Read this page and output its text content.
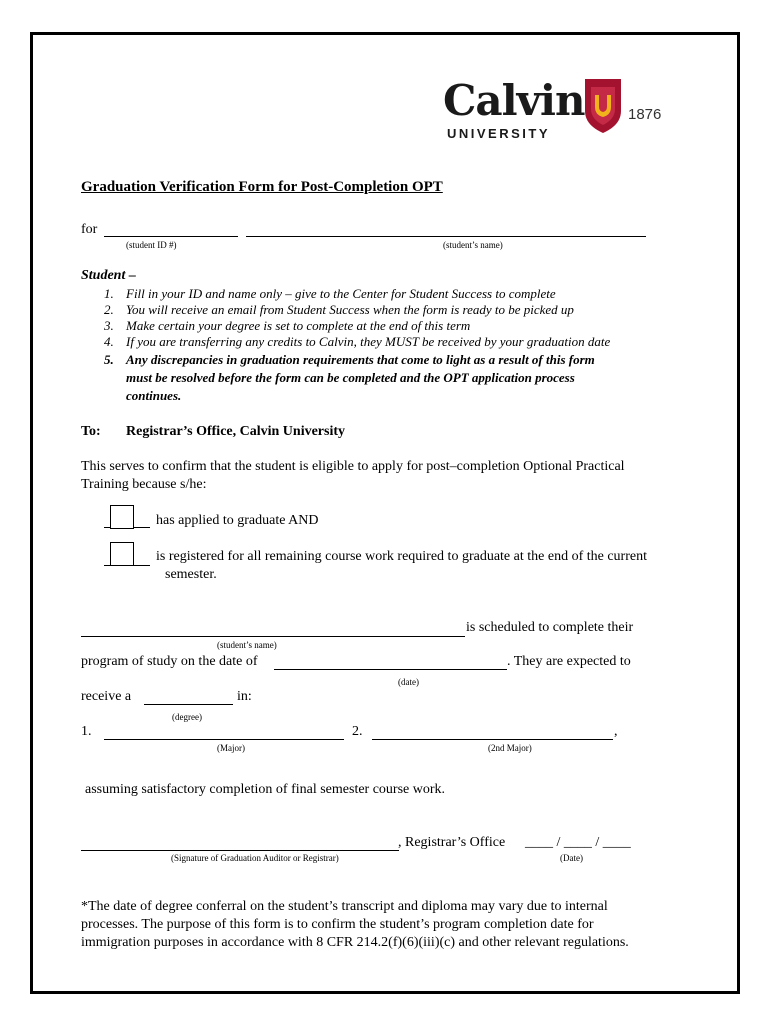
Calvin
UNIVERSITY
1876
Graduation Verification Form for Post-Completion OPT
for
(student ID #)	(student’s name)
Student –
1. Fill in your ID and name only – give to the Center for Student Success to complete
2. You will receive an email from Student Success when the form is ready to be picked up
3. Make certain your degree is set to complete at the end of this term
4. If you are transferring any credits to Calvin, they MUST be received by your graduation date
5. Any discrepancies in graduation requirements that come to light as a result of this form
must be resolved before the form can be completed and the OPT application process
continues.
To: Registrar’s Office, Calvin University
This serves to confirm that the student is eligible to apply for post–completion Optional Practical
Training because s/he:
has applied to graduate AND
is registered for all remaining course work required to graduate at the end of the current
semester.
is scheduled to complete their
(student’s name)
program of study on the date of	. They are expected to
(date)
receive a	in:
(degree)
1.	2.	,
(Major)	(2nd Major)
assuming satisfactory completion of final semester course work.
, Registrar’s Office ____ / ____ / ____
(Signature of Graduation Auditor or Registrar)	(Date)
*The date of degree conferral on the student’s transcript and diploma may vary due to internal
processes. The purpose of this form is to confirm the student’s program completion date for
immigration purposes in accordance with 8 CFR 214.2(f)(6)(iii)(c) and other relevant regulations.
